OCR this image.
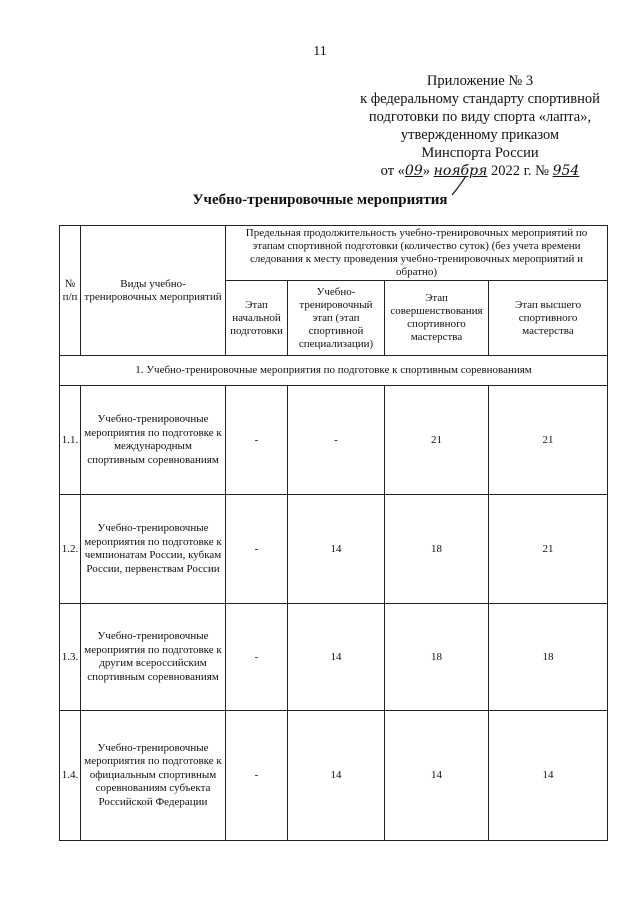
11
Приложение № 3
к федеральному стандарту спортивной
подготовки по виду спорта «лапта»,
утвержденному приказом
Минспорта России
от «09» ноября 2022 г. № 954
Учебно-тренировочные мероприятия
№ п/п	Виды учебно-тренировочных мероприятий	Предельная продолжительность учебно-тренировочных мероприятий по этапам спортивной подготовки (количество суток) (без учета времени следования к месту проведения учебно-тренировочных мероприятий и обратно)			
		Этап начальной подготовки	Учебно-тренировочный этап (этап спортивной специализации)	Этап совершенствования спортивного мастерства	Этап высшего спортивного мастерства
1. Учебно-тренировочные мероприятия по подготовке к спортивным соревнованиям					
1.1.	Учебно-тренировочные мероприятия по подготовке к международным спортивным соревнованиям	-	-	21	21
1.2.	Учебно-тренировочные мероприятия по подготовке к чемпионатам России, кубкам России, первенствам России	-	14	18	21
1.3.	Учебно-тренировочные мероприятия по подготовке к другим всероссийским спортивным соревнованиям	-	14	18	18
1.4.	Учебно-тренировочные мероприятия по подготовке к официальным спортивным соревнованиям субъекта Российской Федерации	-	14	14	14
